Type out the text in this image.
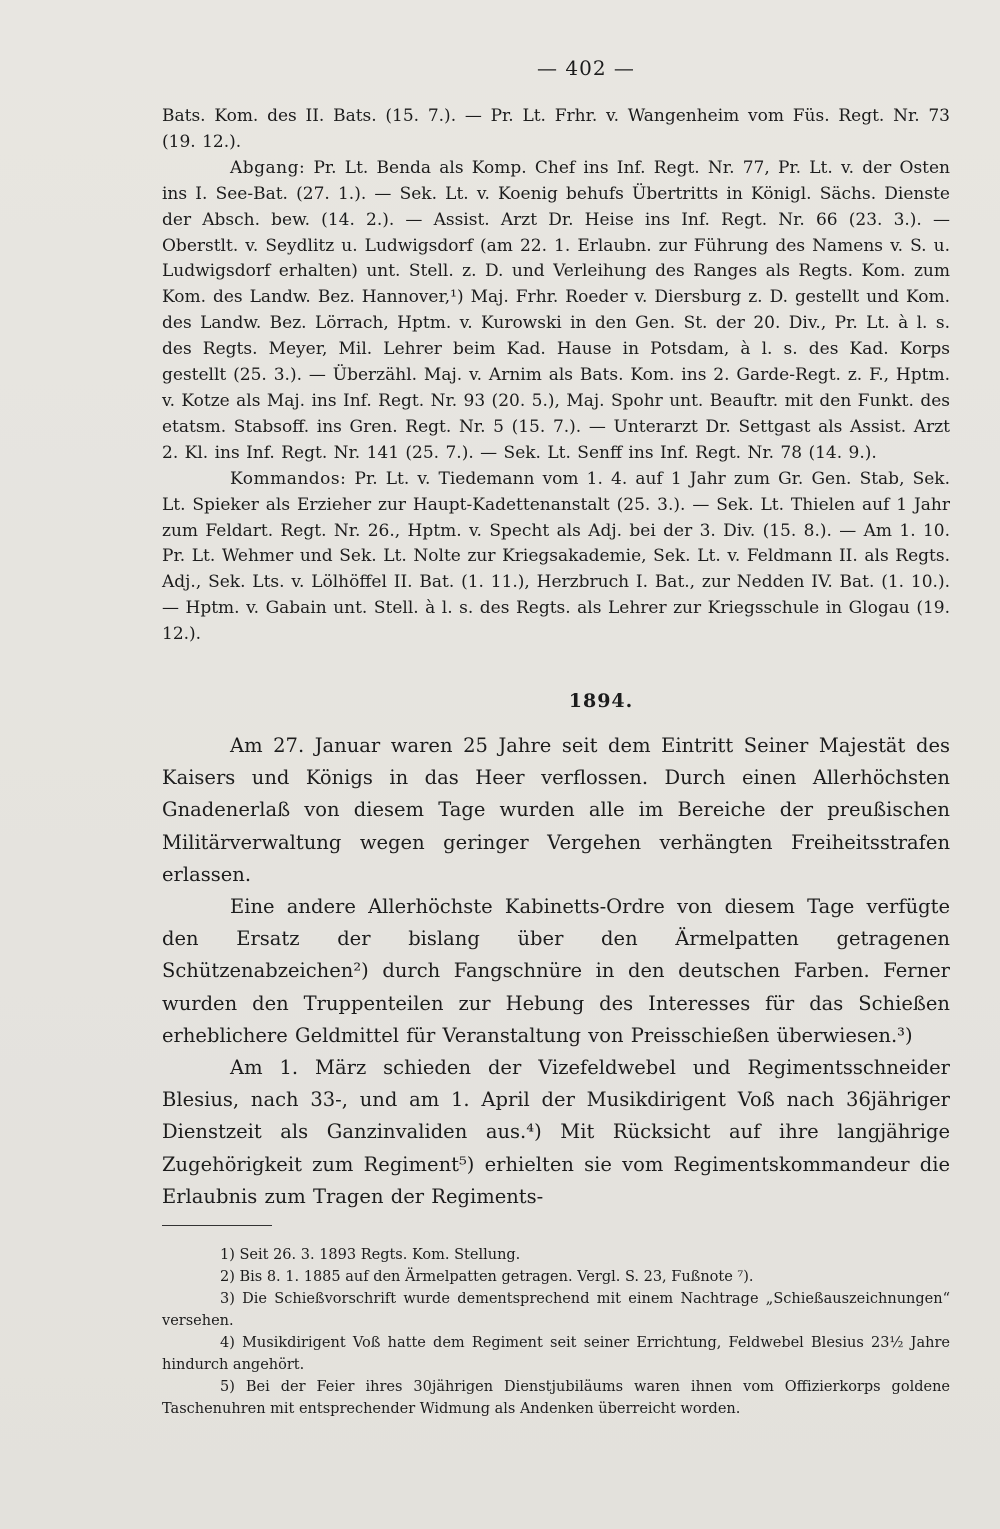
— 402 —

Bats. Kom. des II. Bats. (15. 7.). — Pr. Lt. Frhr. v. Wangenheim vom Füs. Regt. Nr. 73 (19. 12.).

Abgang: Pr. Lt. Benda als Komp. Chef ins Inf. Regt. Nr. 77, Pr. Lt. v. der Osten ins I. See-Bat. (27. 1.). — Sek. Lt. v. Koenig behufs Übertritts in Königl. Sächs. Dienste der Absch. bew. (14. 2.). — Assist. Arzt Dr. Heise ins Inf. Regt. Nr. 66 (23. 3.). — Oberstlt. v. Seydlitz u. Ludwigsdorf (am 22. 1. Erlaubn. zur Führung des Namens v. S. u. Ludwigsdorf erhalten) unt. Stell. z. D. und Verleihung des Ranges als Regts. Kom. zum Kom. des Landw. Bez. Hannover,¹) Maj. Frhr. Roeder v. Diersburg z. D. gestellt und Kom. des Landw. Bez. Lörrach, Hptm. v. Kurowski in den Gen. St. der 20. Div., Pr. Lt. à l. s. des Regts. Meyer, Mil. Lehrer beim Kad. Hause in Potsdam, à l. s. des Kad. Korps gestellt (25. 3.). — Überzähl. Maj. v. Arnim als Bats. Kom. ins 2. Garde-Regt. z. F., Hptm. v. Kotze als Maj. ins Inf. Regt. Nr. 93 (20. 5.), Maj. Spohr unt. Beauftr. mit den Funkt. des etatsm. Stabsoff. ins Gren. Regt. Nr. 5 (15. 7.). — Unterarzt Dr. Settgast als Assist. Arzt 2. Kl. ins Inf. Regt. Nr. 141 (25. 7.). — Sek. Lt. Senff ins Inf. Regt. Nr. 78 (14. 9.).

Kommandos: Pr. Lt. v. Tiedemann vom 1. 4. auf 1 Jahr zum Gr. Gen. Stab, Sek. Lt. Spieker als Erzieher zur Haupt-Kadettenanstalt (25. 3.). — Sek. Lt. Thielen auf 1 Jahr zum Feldart. Regt. Nr. 26., Hptm. v. Specht als Adj. bei der 3. Div. (15. 8.). — Am 1. 10. Pr. Lt. Wehmer und Sek. Lt. Nolte zur Kriegsakademie, Sek. Lt. v. Feldmann II. als Regts. Adj., Sek. Lts. v. Lölhöffel II. Bat. (1. 11.), Herzbruch I. Bat., zur Nedden IV. Bat. (1. 10.). — Hptm. v. Gabain unt. Stell. à l. s. des Regts. als Lehrer zur Kriegsschule in Glogau (19. 12.).

1894.

Am 27. Januar waren 25 Jahre seit dem Eintritt Seiner Majestät des Kaisers und Königs in das Heer verflossen. Durch einen Allerhöchsten Gnadenerlaß von diesem Tage wurden alle im Bereiche der preußischen Militärverwaltung wegen geringer Vergehen verhängten Freiheitsstrafen erlassen.

Eine andere Allerhöchste Kabinetts-Ordre von diesem Tage verfügte den Ersatz der bislang über den Ärmelpatten getragenen Schützenabzeichen²) durch Fangschnüre in den deutschen Farben. Ferner wurden den Truppenteilen zur Hebung des Interesses für das Schießen erheblichere Geldmittel für Veranstaltung von Preisschießen überwiesen.³)

Am 1. März schieden der Vizefeldwebel und Regimentsschneider Blesius, nach 33-, und am 1. April der Musikdirigent Voß nach 36jähriger Dienstzeit als Ganzinvaliden aus.⁴) Mit Rücksicht auf ihre langjährige Zugehörigkeit zum Regiment⁵) erhielten sie vom Regimentskommandeur die Erlaubnis zum Tragen der Regiments-

1) Seit 26. 3. 1893 Regts. Kom. Stellung.

2) Bis 8. 1. 1885 auf den Ärmelpatten getragen. Vergl. S. 23, Fußnote ⁷).

3) Die Schießvorschrift wurde dementsprechend mit einem Nachtrage „Schießauszeichnungen“ versehen.

4) Musikdirigent Voß hatte dem Regiment seit seiner Errichtung, Feldwebel Blesius 23½ Jahre hindurch angehört.

5) Bei der Feier ihres 30jährigen Dienstjubiläums waren ihnen vom Offizierkorps goldene Taschenuhren mit entsprechender Widmung als Andenken überreicht worden.
